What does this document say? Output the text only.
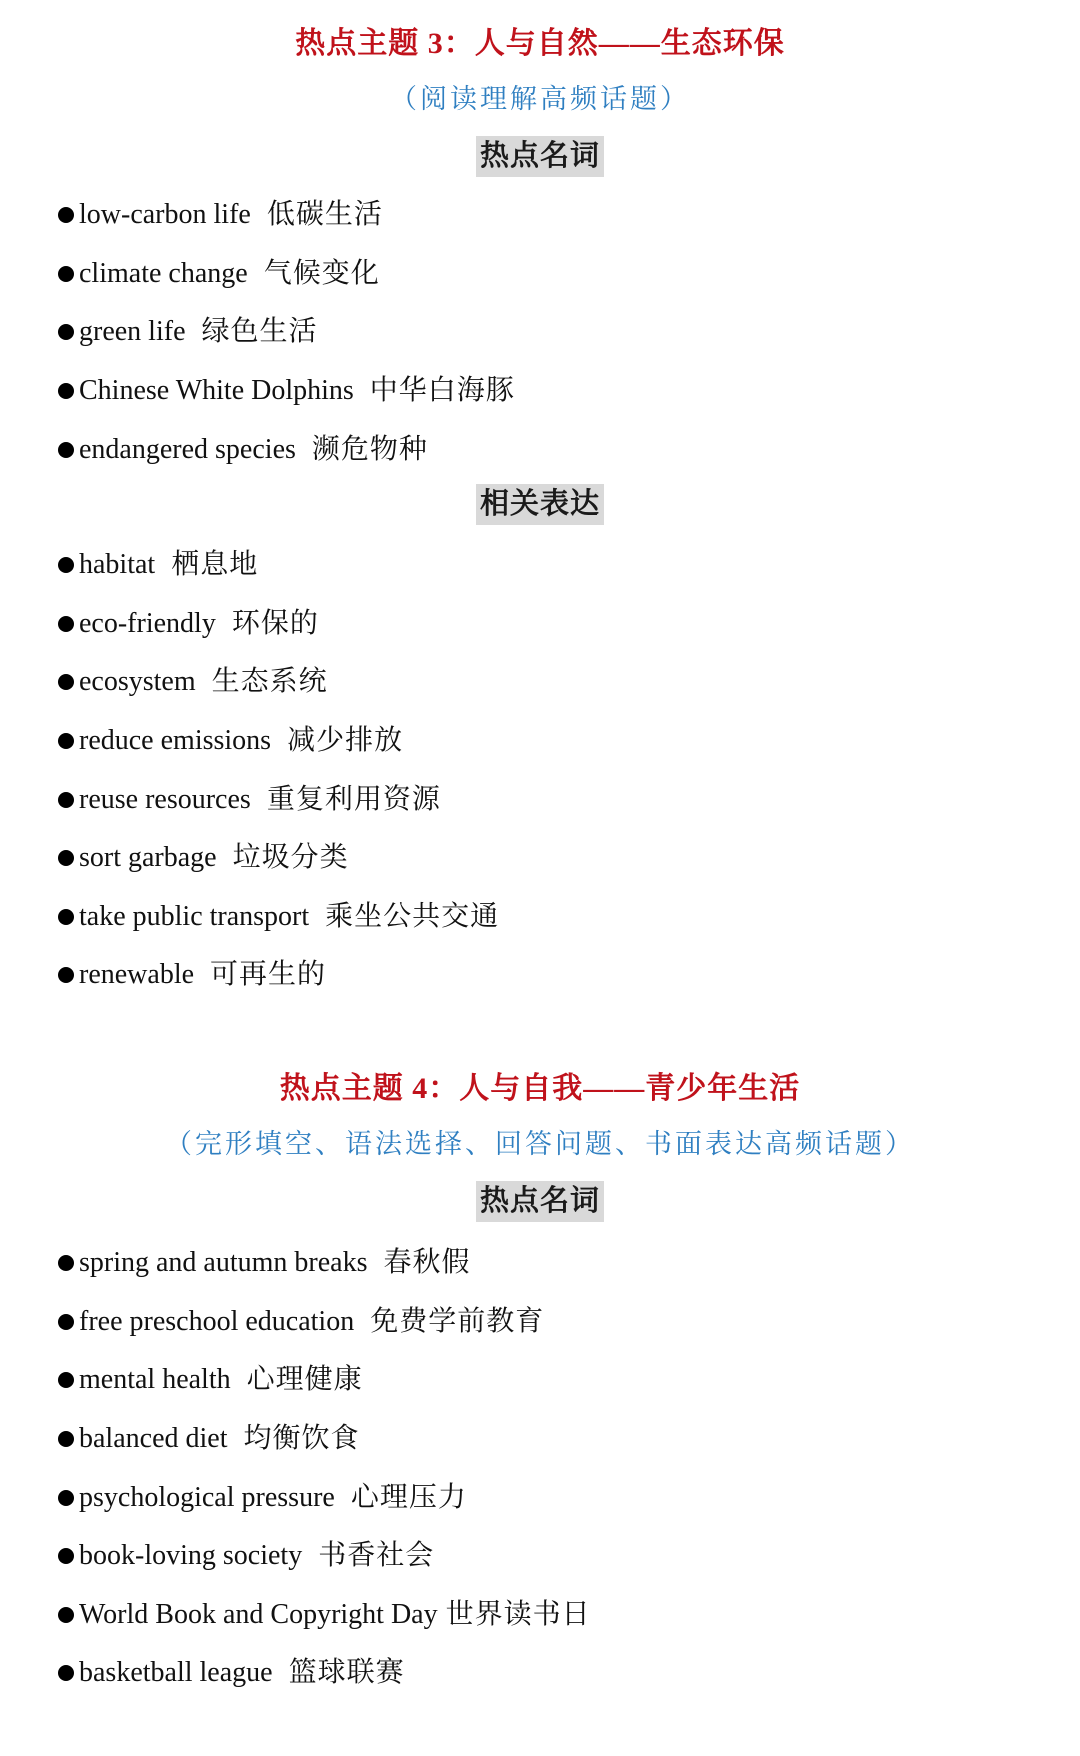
热点主题 3：人与自然——生态环保
（阅读理解高频话题）
热点名词
low-carbon life 低碳生活
climate change 气候变化
green life 绿色生活
Chinese White Dolphins 中华白海豚
endangered species 濒危物种
相关表达
habitat 栖息地
eco-friendly 环保的
ecosystem 生态系统
reduce emissions 减少排放
reuse resources 重复利用资源
sort garbage 垃圾分类
take public transport 乘坐公共交通
renewable 可再生的
热点主题 4：人与自我——青少年生活
（完形填空、语法选择、回答问题、书面表达高频话题）
热点名词
spring and autumn breaks 春秋假
free preschool education 免费学前教育
mental health 心理健康
balanced diet 均衡饮食
psychological pressure 心理压力
book-loving society 书香社会
World Book and Copyright Day 世界读书日
basketball league 篮球联赛
